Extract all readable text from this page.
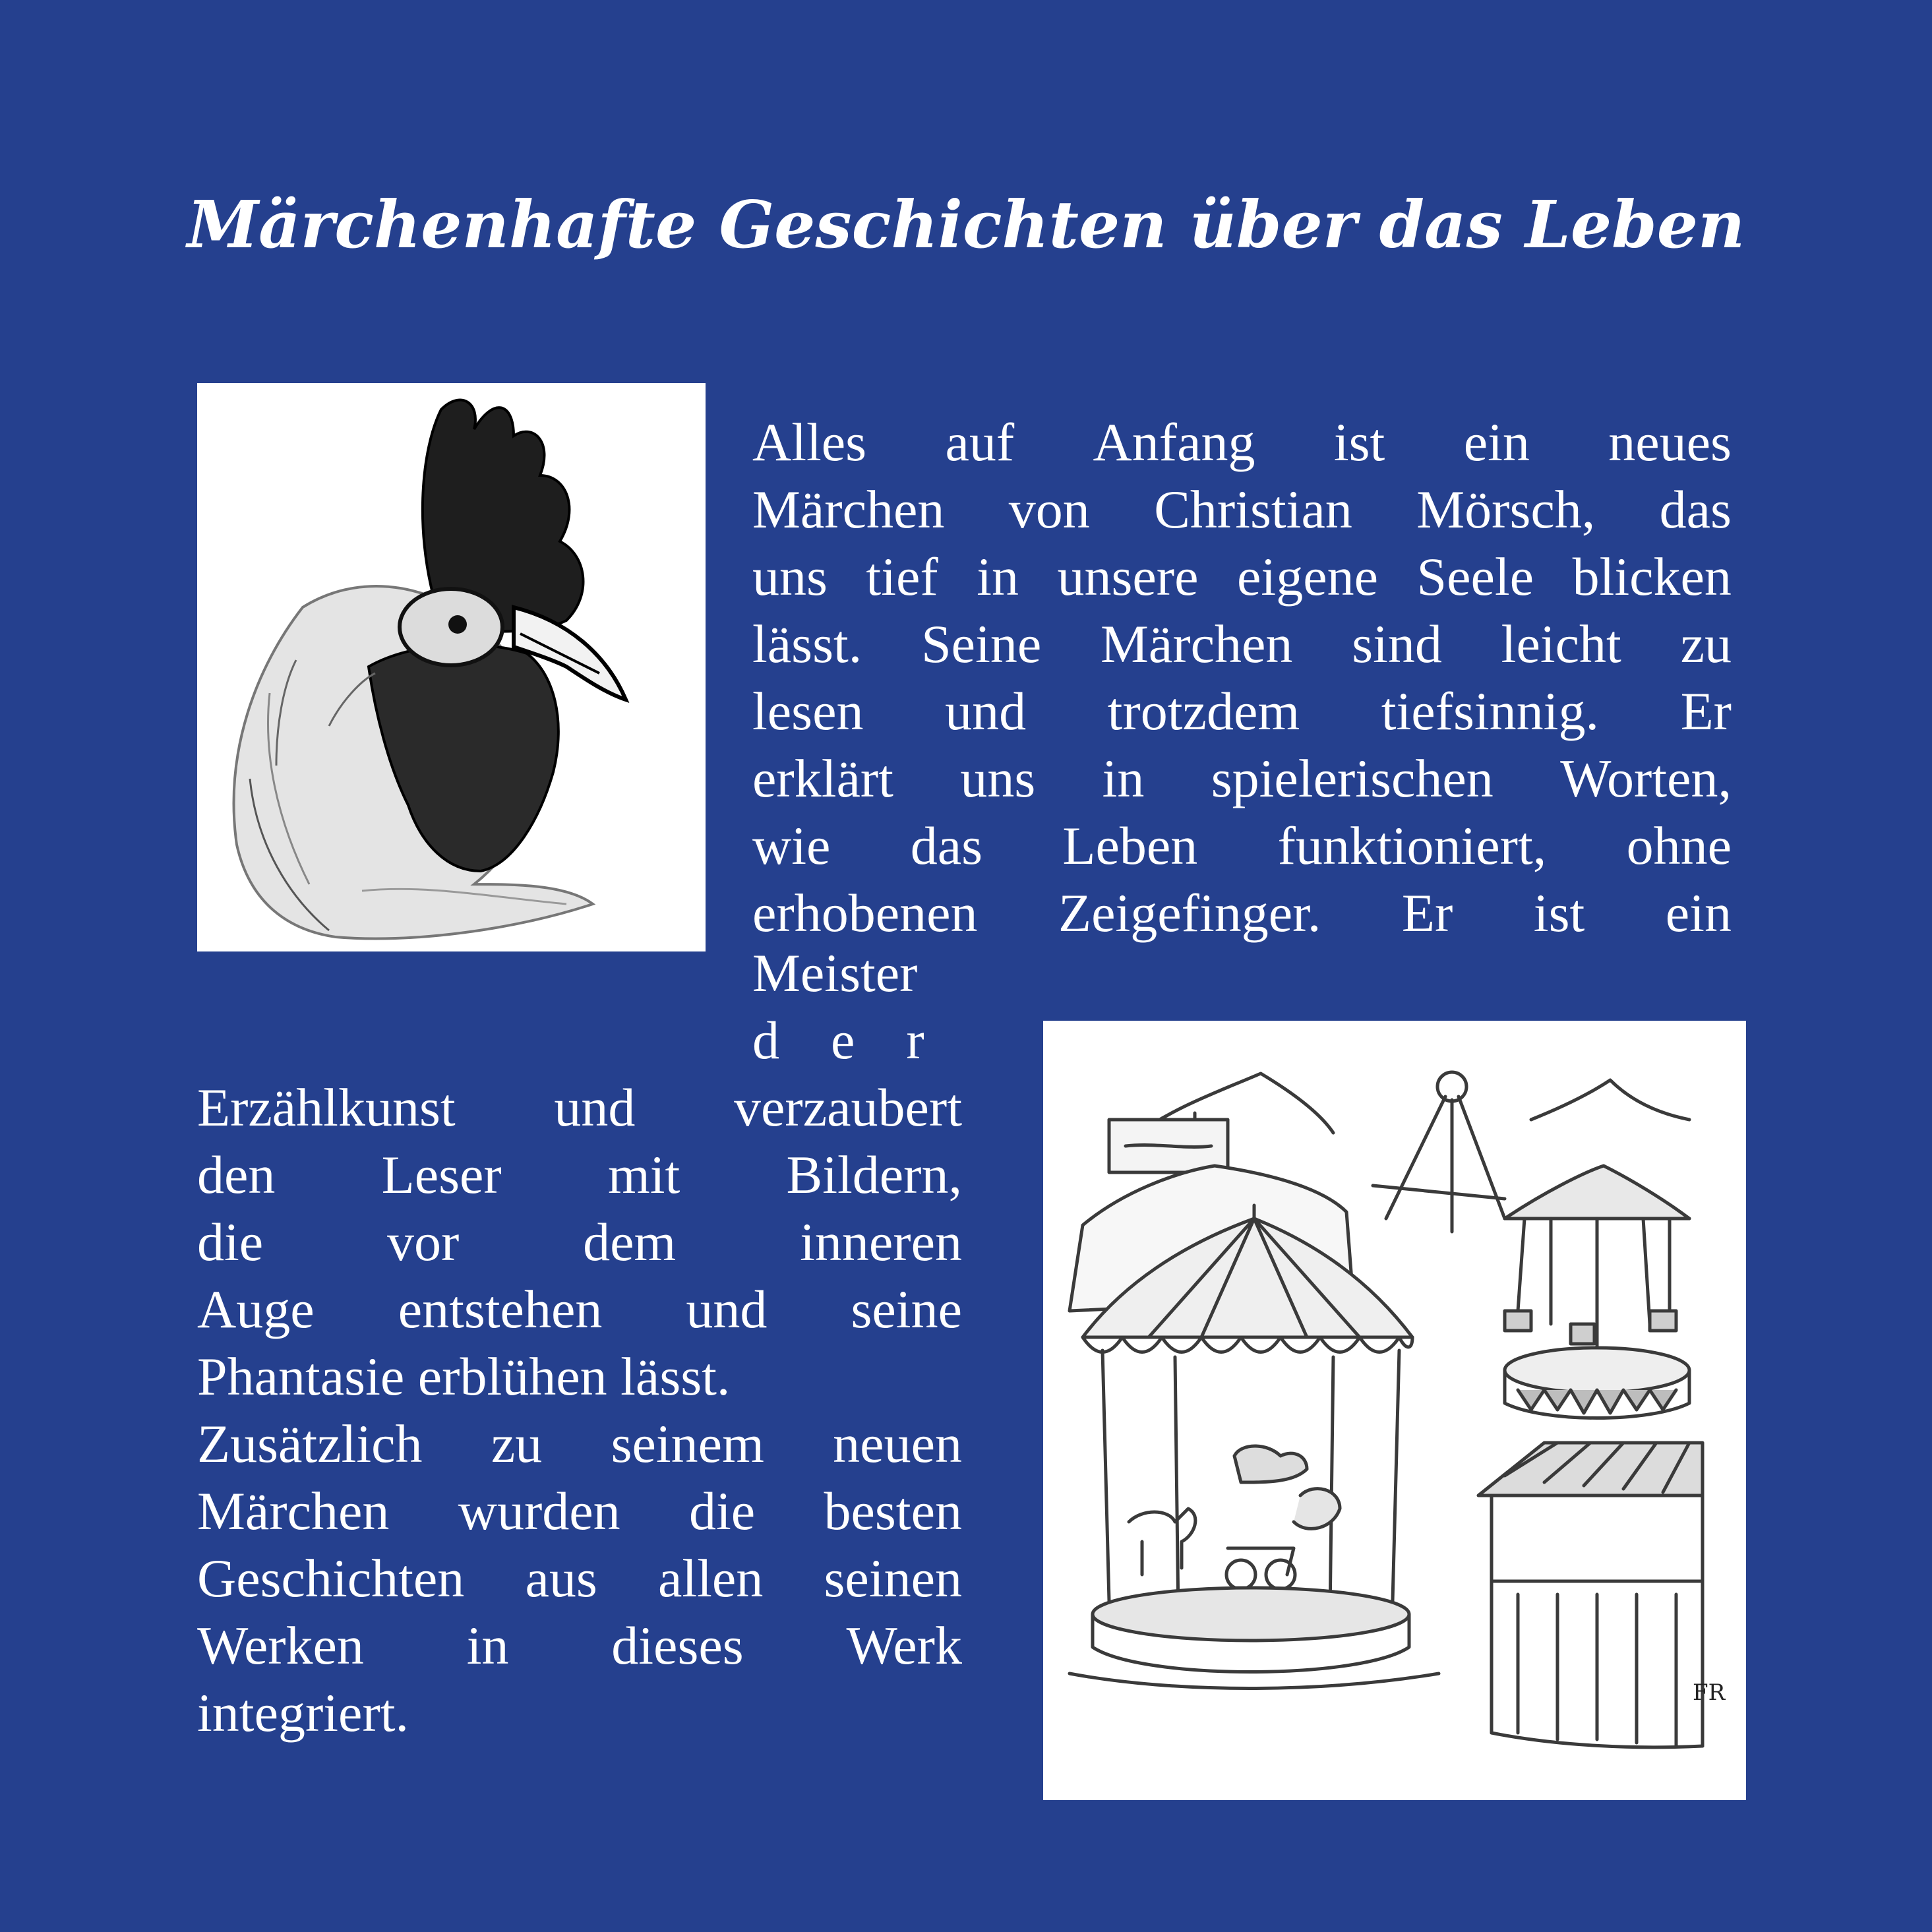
Märchenhafte Geschichten über das Leben
FR
Alles auf Anfang ist ein neues
Märchen von Christian Mörsch, das
uns tief in unsere eigene Seele blicken
lässt. Seine Märchen sind leicht zu
lesen und trotzdem tiefsinnig. Er
erklärt uns in spielerischen Worten,
wie das Leben funktioniert, ohne
erhobenen Zeigefinger. Er ist ein
Meister
der
Erzählkunst und verzaubert
den Leser mit Bildern,
die vor dem inneren
Auge entstehen und seine
Phantasie erblühen lässt.
Zusätzlich zu seinem neuen
Märchen wurden die besten
Geschichten aus allen seinen
Werken in dieses Werk
integriert.
